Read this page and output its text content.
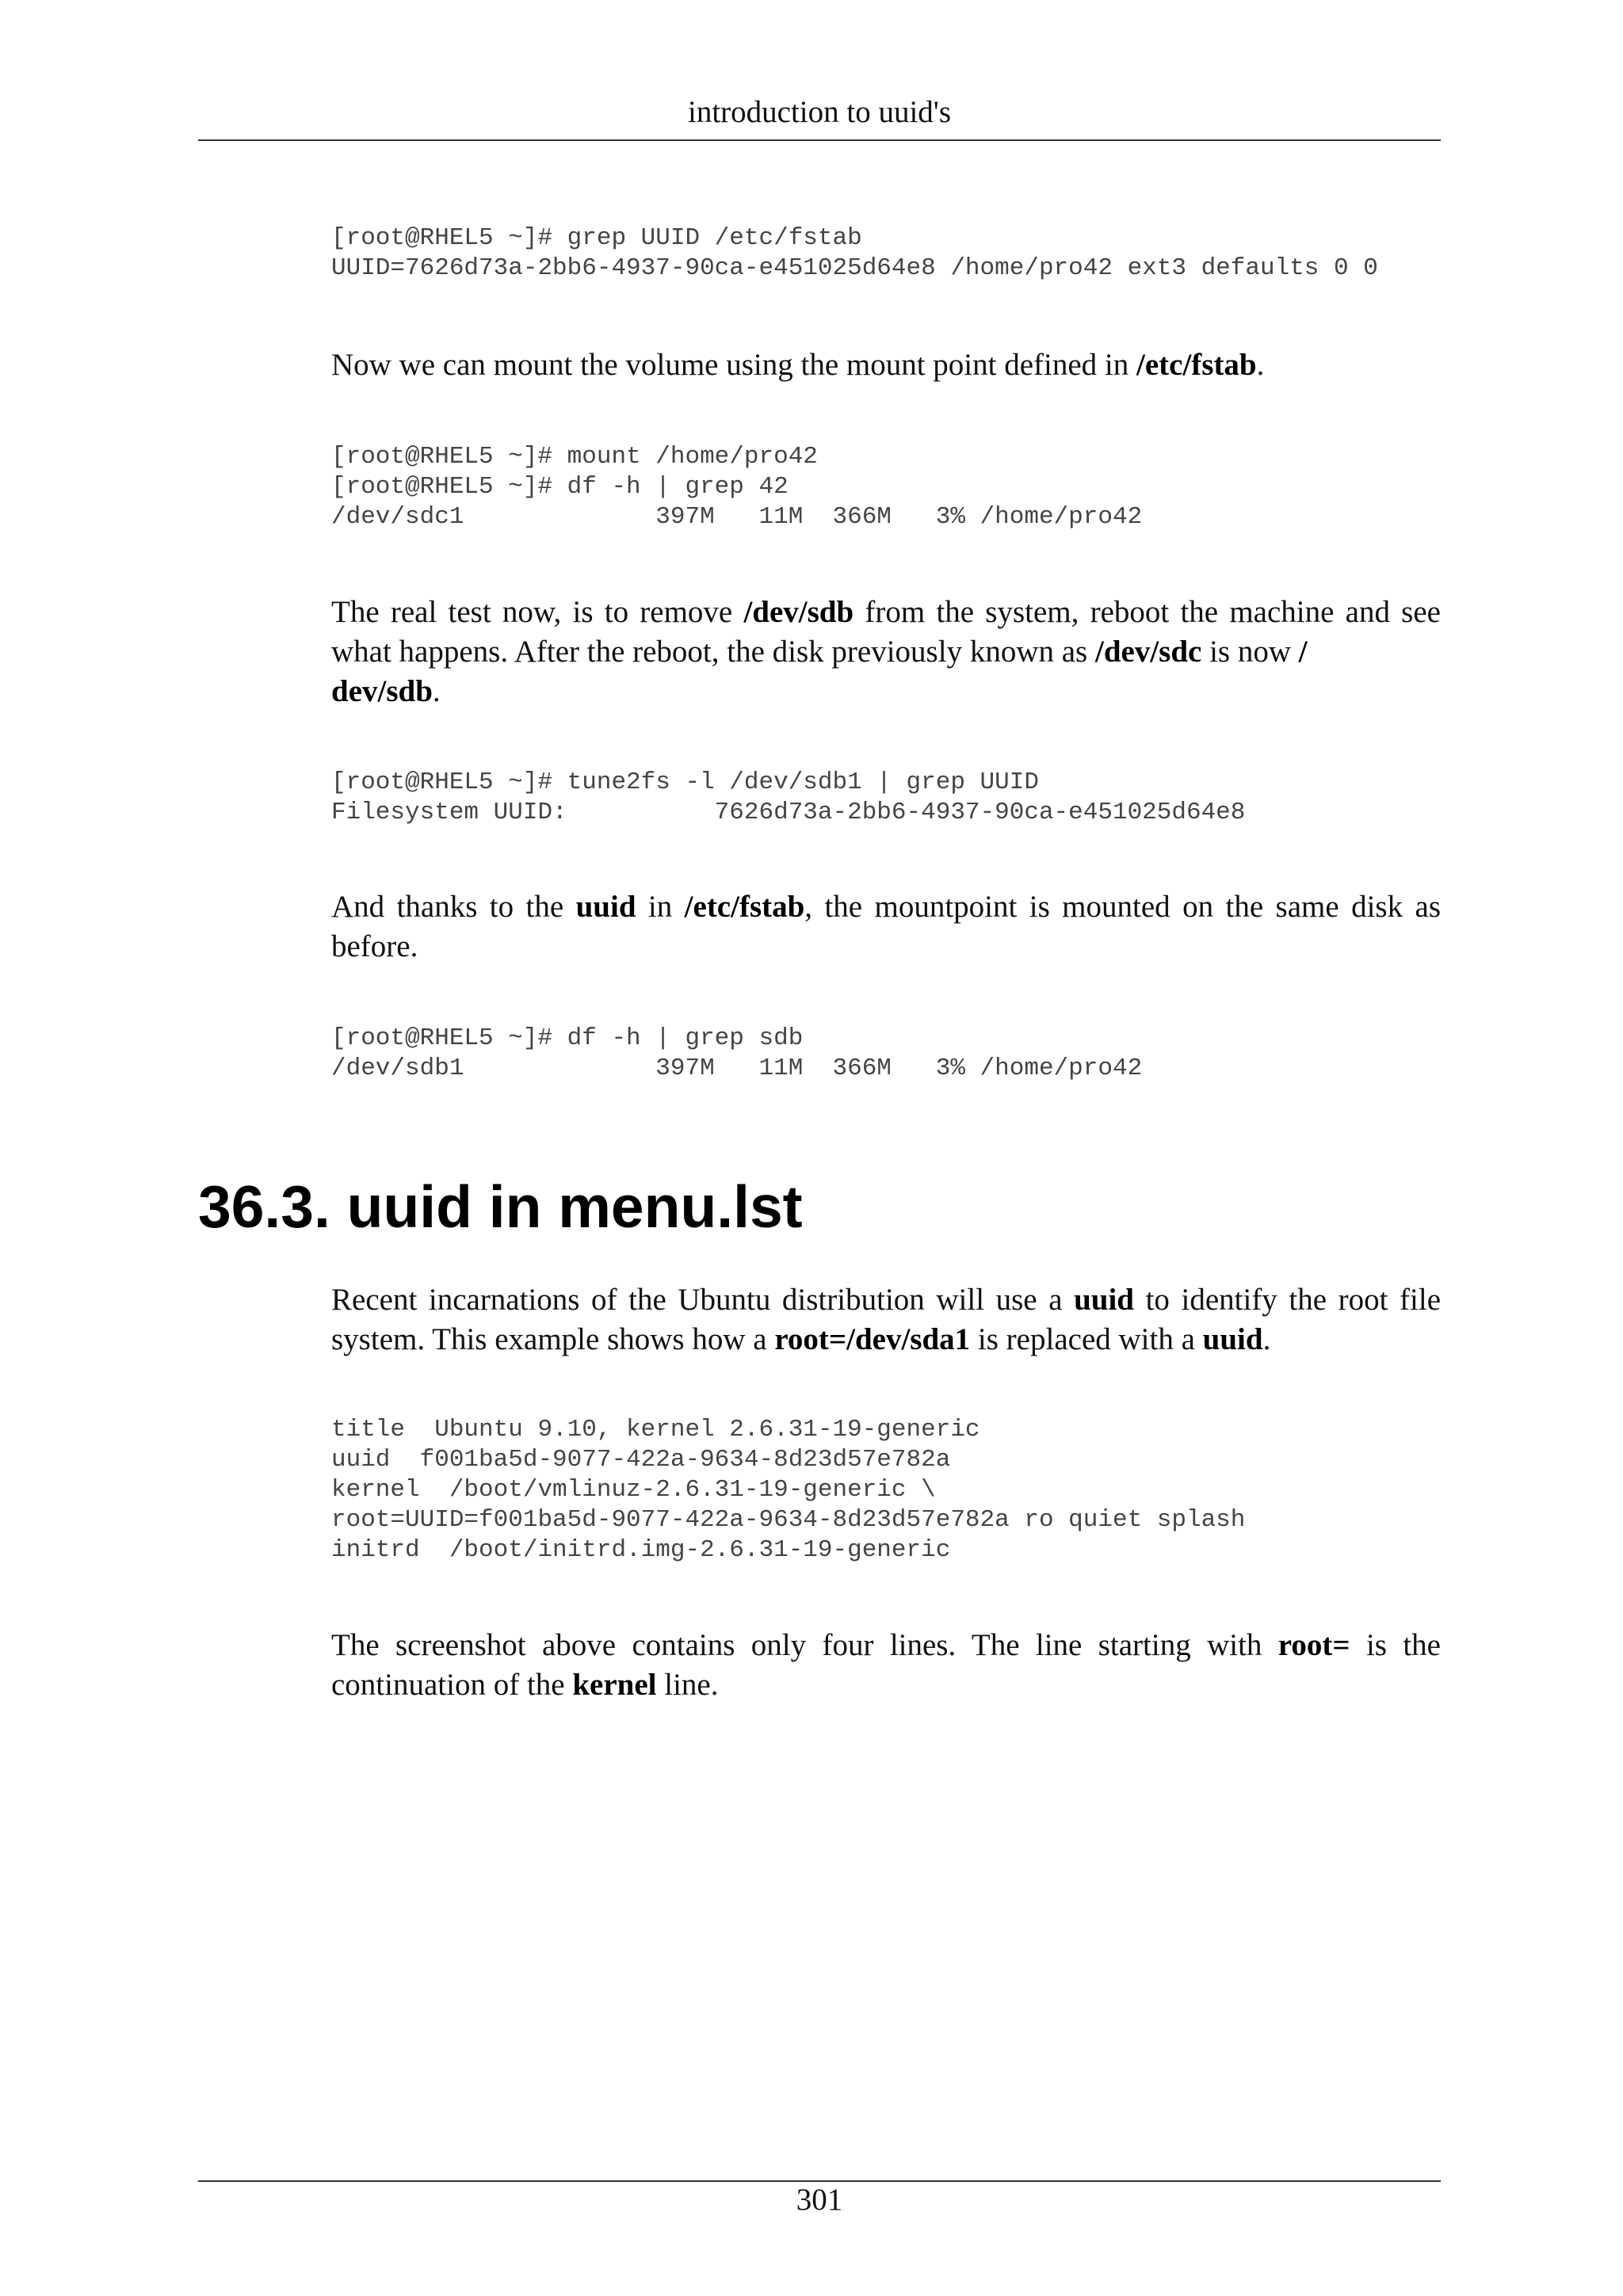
introduction to uuid's
[root@RHEL5 ~]# grep UUID /etc/fstab
UUID=7626d73a-2bb6-4937-90ca-e451025d64e8 /home/pro42 ext3 defaults 0 0

Now we can mount the volume using the mount point defined in /etc/fstab.

[root@RHEL5 ~]# mount /home/pro42
[root@RHEL5 ~]# df -h | grep 42
/dev/sdc1             397M   11M  366M   3% /home/pro42

The real test now, is to remove /dev/sdb from the system, reboot the machine and see what happens. After the reboot, the disk previously known as /dev/sdc is now /
dev/sdb.

[root@RHEL5 ~]# tune2fs -l /dev/sdb1 | grep UUID
Filesystem UUID:          7626d73a-2bb6-4937-90ca-e451025d64e8

And thanks to the uuid in /etc/fstab, the mountpoint is mounted on the same disk as before.

[root@RHEL5 ~]# df -h | grep sdb
/dev/sdb1             397M   11M  366M   3% /home/pro42
36.3. uuid in menu.lst

Recent incarnations of the Ubuntu distribution will use a uuid to identify the root file system. This example shows how a root=/dev/sda1 is replaced with a uuid.

title  Ubuntu 9.10, kernel 2.6.31-19-generic
uuid  f001ba5d-9077-422a-9634-8d23d57e782a
kernel  /boot/vmlinuz-2.6.31-19-generic \
root=UUID=f001ba5d-9077-422a-9634-8d23d57e782a ro quiet splash
initrd  /boot/initrd.img-2.6.31-19-generic

The screenshot above contains only four lines. The line starting with root= is the continuation of the kernel line.

301
